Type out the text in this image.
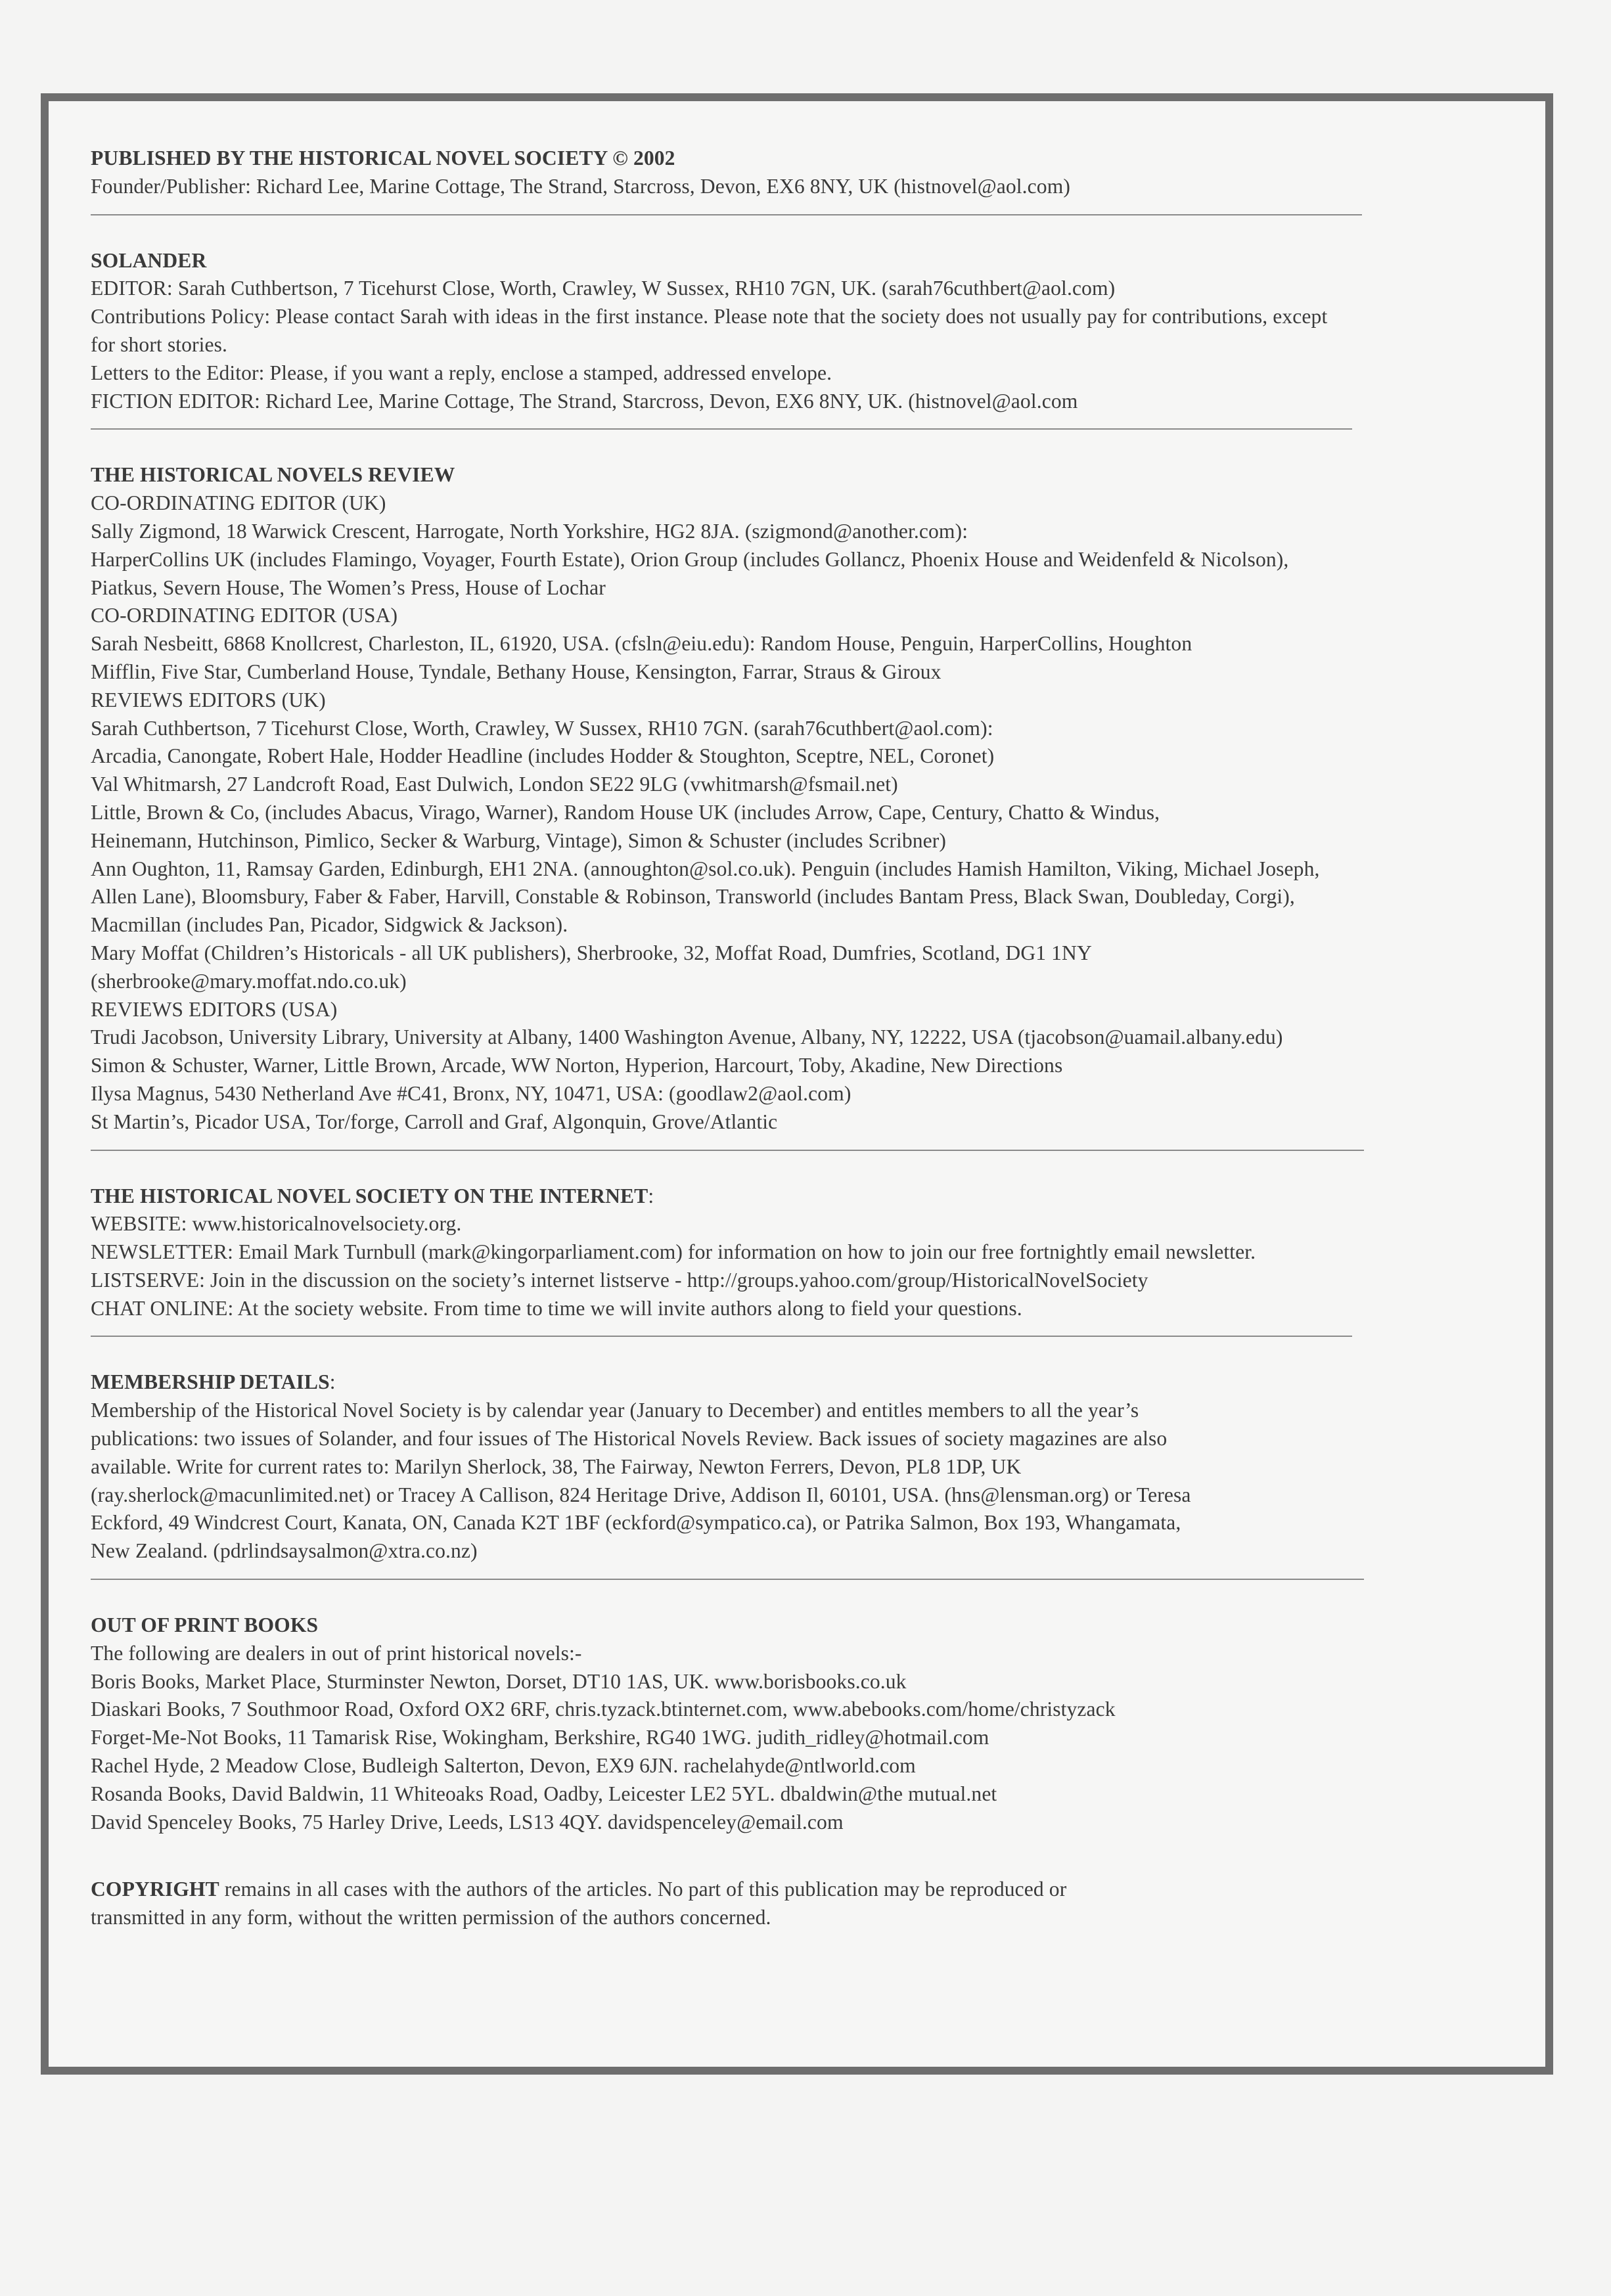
PUBLISHED BY THE HISTORICAL NOVEL SOCIETY © 2002
Founder/Publisher: Richard Lee, Marine Cottage, The Strand, Starcross, Devon, EX6 8NY, UK (histnovel@aol.com)
SOLANDER
EDITOR: Sarah Cuthbertson, 7 Ticehurst Close, Worth, Crawley, W Sussex, RH10 7GN, UK. (sarah76cuthbert@aol.com)
Contributions Policy: Please contact Sarah with ideas in the first instance. Please note that the society does not usually pay for contributions, except
for short stories.
Letters to the Editor: Please, if you want a reply, enclose a stamped, addressed envelope.
FICTION EDITOR: Richard Lee, Marine Cottage, The Strand, Starcross, Devon, EX6 8NY, UK. (histnovel@aol.com
THE HISTORICAL NOVELS REVIEW
CO-ORDINATING EDITOR (UK)
Sally Zigmond, 18 Warwick Crescent, Harrogate, North Yorkshire, HG2 8JA. (szigmond@another.com):
HarperCollins UK (includes Flamingo, Voyager, Fourth Estate), Orion Group (includes Gollancz, Phoenix House and Weidenfeld & Nicolson),
Piatkus, Severn House, The Women’s Press, House of Lochar
CO-ORDINATING EDITOR (USA)
Sarah Nesbeitt, 6868 Knollcrest, Charleston, IL, 61920, USA. (cfsln@eiu.edu): Random House, Penguin, HarperCollins, Houghton
Mifflin, Five Star, Cumberland House, Tyndale, Bethany House, Kensington, Farrar, Straus & Giroux
REVIEWS EDITORS (UK)
Sarah Cuthbertson, 7 Ticehurst Close, Worth, Crawley, W Sussex, RH10 7GN. (sarah76cuthbert@aol.com):
Arcadia, Canongate, Robert Hale, Hodder Headline (includes Hodder & Stoughton, Sceptre, NEL, Coronet)
Val Whitmarsh, 27 Landcroft Road, East Dulwich, London SE22 9LG (vwhitmarsh@fsmail.net)
Little, Brown & Co, (includes Abacus, Virago, Warner), Random House UK (includes Arrow, Cape, Century, Chatto & Windus,
Heinemann, Hutchinson, Pimlico, Secker & Warburg, Vintage), Simon & Schuster (includes Scribner)
Ann Oughton, 11, Ramsay Garden, Edinburgh, EH1 2NA. (annoughton@sol.co.uk). Penguin (includes Hamish Hamilton, Viking, Michael Joseph,
Allen Lane), Bloomsbury, Faber & Faber, Harvill, Constable & Robinson, Transworld (includes Bantam Press, Black Swan, Doubleday, Corgi),
Macmillan (includes Pan, Picador, Sidgwick & Jackson).
Mary Moffat (Children’s Historicals - all UK publishers), Sherbrooke, 32, Moffat Road, Dumfries, Scotland, DG1 1NY
(sherbrooke@mary.moffat.ndo.co.uk)
REVIEWS EDITORS (USA)
Trudi Jacobson, University Library, University at Albany, 1400 Washington Avenue, Albany, NY, 12222, USA (tjacobson@uamail.albany.edu)
Simon & Schuster, Warner, Little Brown, Arcade, WW Norton, Hyperion, Harcourt, Toby, Akadine, New Directions
Ilysa Magnus, 5430 Netherland Ave #C41, Bronx, NY, 10471, USA: (goodlaw2@aol.com)
St Martin’s, Picador USA, Tor/forge, Carroll and Graf, Algonquin, Grove/Atlantic
THE HISTORICAL NOVEL SOCIETY ON THE INTERNET:
WEBSITE: www.historicalnovelsociety.org.
NEWSLETTER: Email Mark Turnbull (mark@kingorparliament.com) for information on how to join our free fortnightly email newsletter.
LISTSERVE: Join in the discussion on the society’s internet listserve - http://groups.yahoo.com/group/HistoricalNovelSociety
CHAT ONLINE: At the society website. From time to time we will invite authors along to field your questions.
MEMBERSHIP DETAILS:
Membership of the Historical Novel Society is by calendar year (January to December) and entitles members to all the year’s
publications: two issues of Solander, and four issues of The Historical Novels Review. Back issues of society magazines are also
available. Write for current rates to: Marilyn Sherlock, 38, The Fairway, Newton Ferrers, Devon, PL8 1DP, UK
(ray.sherlock@macunlimited.net) or Tracey A Callison, 824 Heritage Drive, Addison Il, 60101, USA. (hns@lensman.org) or Teresa
Eckford, 49 Windcrest Court, Kanata, ON, Canada K2T 1BF (eckford@sympatico.ca), or Patrika Salmon, Box 193, Whangamata,
New Zealand. (pdrlindsaysalmon@xtra.co.nz)
OUT OF PRINT BOOKS
The following are dealers in out of print historical novels:-
Boris Books, Market Place, Sturminster Newton, Dorset, DT10 1AS, UK. www.borisbooks.co.uk
Diaskari Books, 7 Southmoor Road, Oxford OX2 6RF, chris.tyzack.btinternet.com, www.abebooks.com/home/christyzack
Forget-Me-Not Books, 11 Tamarisk Rise, Wokingham, Berkshire, RG40 1WG. judith_ridley@hotmail.com
Rachel Hyde, 2 Meadow Close, Budleigh Salterton, Devon, EX9 6JN. rachelahyde@ntlworld.com
Rosanda Books, David Baldwin, 11 Whiteoaks Road, Oadby, Leicester LE2 5YL. dbaldwin@the mutual.net
David Spenceley Books, 75 Harley Drive, Leeds, LS13 4QY. davidspenceley@email.com
COPYRIGHT remains in all cases with the authors of the articles. No part of this publication may be reproduced or
transmitted in any form, without the written permission of the authors concerned.
